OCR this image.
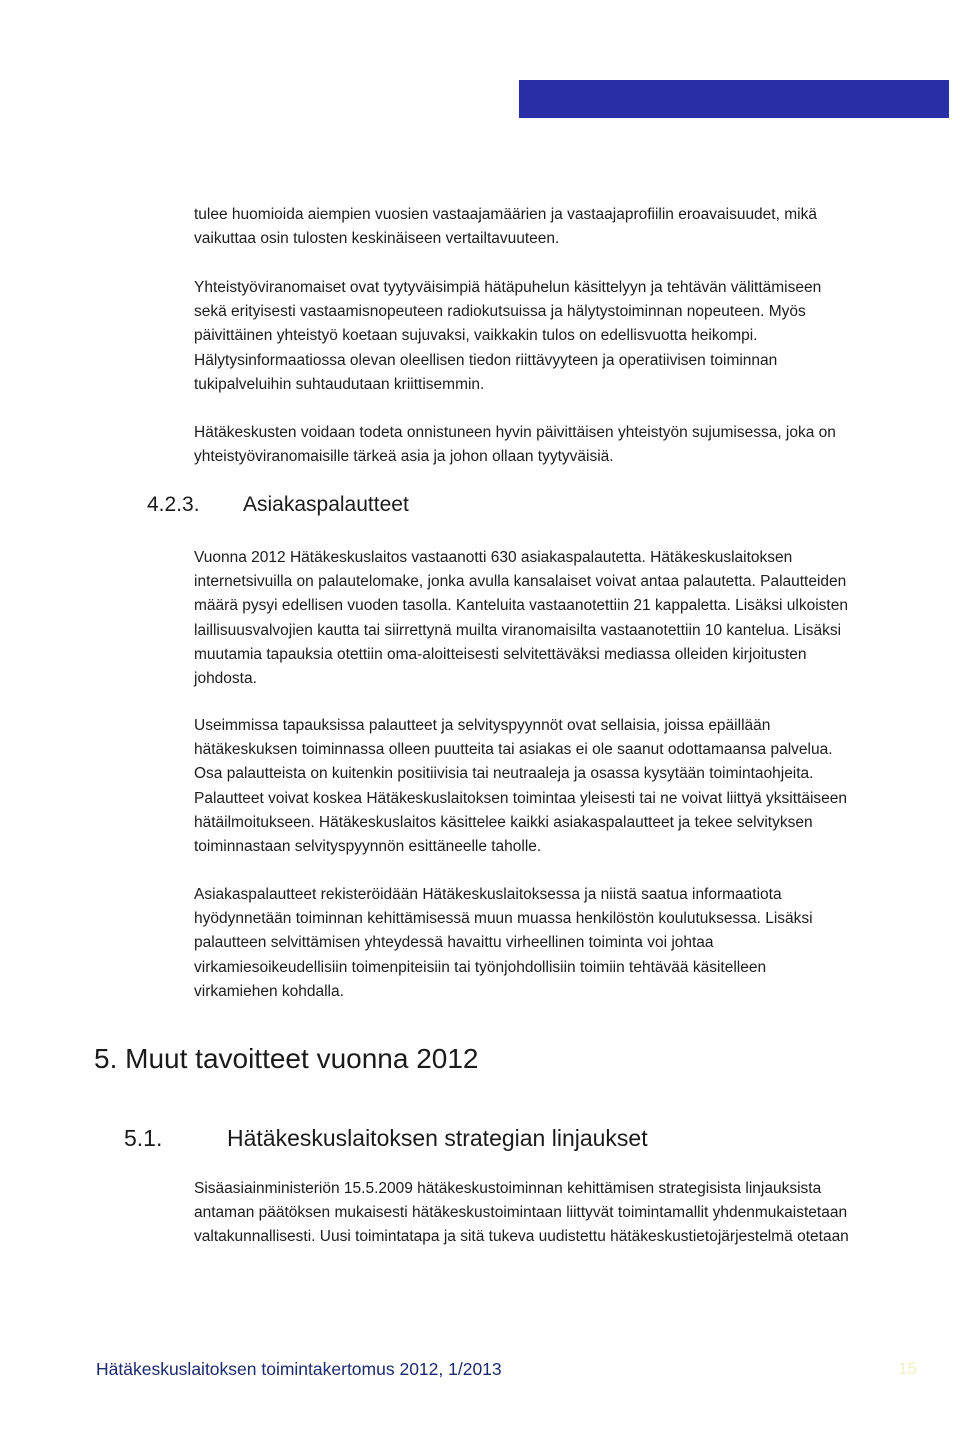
tulee huomioida aiempien vuosien vastaajamäärien ja vastaajaprofiilin eroavaisuudet, mikä
vaikuttaa osin tulosten keskinäiseen vertailtavuuteen.

Yhteistyöviranomaiset ovat tyytyväisimpiä hätäpuhelun käsittelyyn ja tehtävän välittämiseen
sekä erityisesti vastaamisnopeuteen radiokutsuissa ja hälytystoiminnan nopeuteen. Myös
päivittäinen yhteistyö koetaan sujuvaksi, vaikkakin tulos on edellisvuotta heikompi.
Hälytysinformaatiossa olevan oleellisen tiedon riittävyyteen ja operatiivisen toiminnan
tukipalveluihin suhtaudutaan kriittisemmin.

Hätäkeskusten voidaan todeta onnistuneen hyvin päivittäisen yhteistyön sujumisessa, joka on
yhteistyöviranomaisille tärkeä asia ja johon ollaan tyytyväisiä.

4.2.3. Asiakaspalautteet

Vuonna 2012 Hätäkeskuslaitos vastaanotti 630 asiakaspalautetta. Hätäkeskuslaitoksen
internetsivuilla on palautelomake, jonka avulla kansalaiset voivat antaa palautetta. Palautteiden
määrä pysyi edellisen vuoden tasolla. Kanteluita vastaanotettiin 21 kappaletta. Lisäksi ulkoisten
laillisuusvalvojien kautta tai siirrettynä muilta viranomaisilta vastaanotettiin 10 kantelua. Lisäksi
muutamia tapauksia otettiin oma-aloitteisesti selvitettäväksi mediassa olleiden kirjoitusten
johdosta.

Useimmissa tapauksissa palautteet ja selvityspyynnöt ovat sellaisia, joissa epäillään
hätäkeskuksen toiminnassa olleen puutteita tai asiakas ei ole saanut odottamaansa palvelua.
Osa palautteista on kuitenkin positiivisia tai neutraaleja ja osassa kysytään toimintaohjeita.
Palautteet voivat koskea Hätäkeskuslaitoksen toimintaa yleisesti tai ne voivat liittyä yksittäiseen
hätäilmoitukseen. Hätäkeskuslaitos käsittelee kaikki asiakaspalautteet ja tekee selvityksen
toiminnastaan selvityspyynnön esittäneelle taholle.

Asiakaspalautteet rekisteröidään Hätäkeskuslaitoksessa ja niistä saatua informaatiota
hyödynnetään toiminnan kehittämisessä muun muassa henkilöstön koulutuksessa. Lisäksi
palautteen selvittämisen yhteydessä havaittu virheellinen toiminta voi johtaa
virkamiesoikeudellisiin toimenpiteisiin tai työnjohdollisiin toimiin tehtävää käsitelleen
virkamiehen kohdalla.

5. Muut tavoitteet vuonna 2012
5.1.	Hätäkeskuslaitoksen strategian linjaukset

Sisäasiainministeriön 15.5.2009 hätäkeskustoiminnan kehittämisen strategisista linjauksista
antaman päätöksen mukaisesti hätäkeskustoimintaan liittyvät toimintamallit yhdenmukaistetaan
valtakunnallisesti. Uusi toimintatapa ja sitä tukeva uudistettu hätäkeskustietojärjestelmä otetaan

Hätäkeskuslaitoksen toimintakertomus 2012, 1/2013	15
